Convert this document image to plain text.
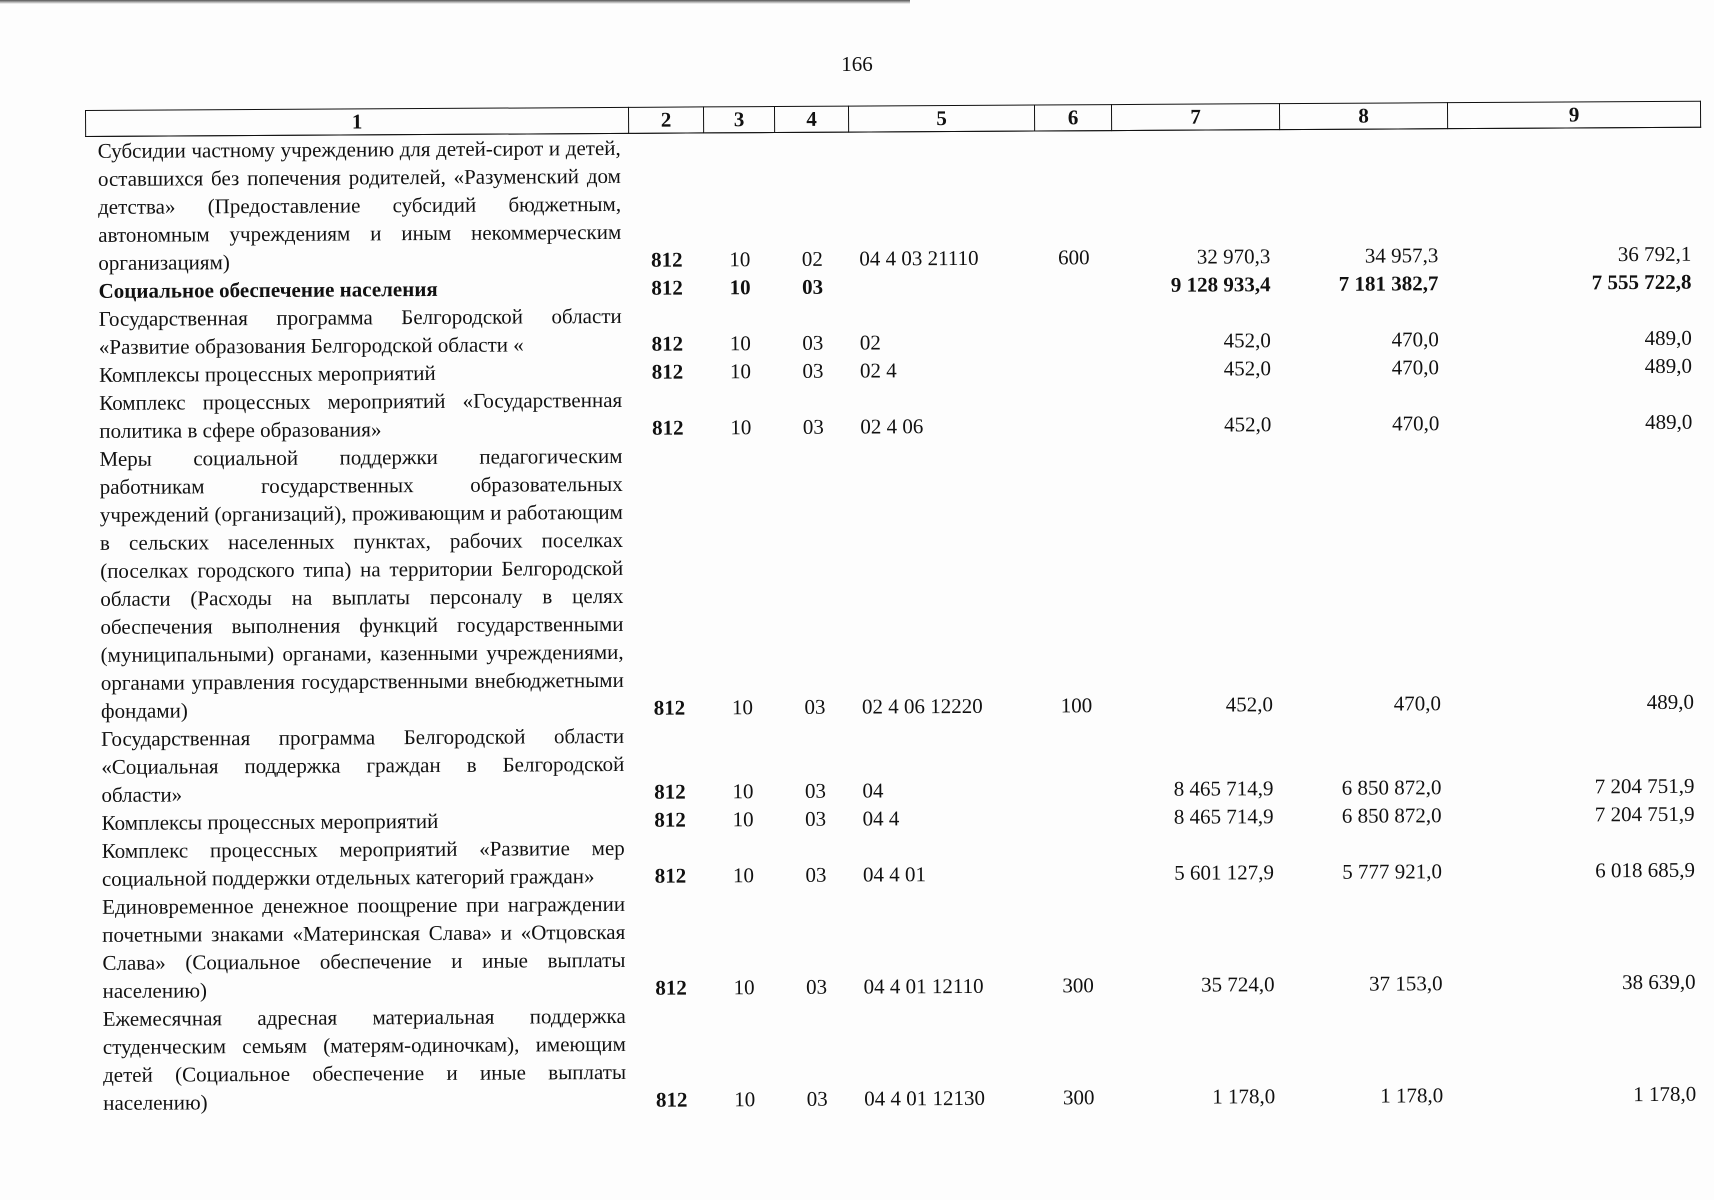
166
1	2	3	4	5	6	7	8	9
Субсидии частному учреждению для детей-сирот и детей, оставшихся без попечения родителей, «Разуменский дом детства» (Предоставление субсидий бюджетным, автономным учреждениям и иным некоммерческим организациям)	812	10	02	04 4 03 21110	600	32 970,3	34 957,3	36 792,1
Социальное обеспечение населения	812	10	03			9 128 933,4	7 181 382,7	7 555 722,8
Государственная программа Белгородской области «Развитие образования Белгородской области «	812	10	03	02		452,0	470,0	489,0
Комплексы процессных мероприятий	812	10	03	02 4		452,0	470,0	489,0
Комплекс процессных мероприятий «Государственная политика в сфере образования»	812	10	03	02 4 06		452,0	470,0	489,0
Меры социальной поддержки педагогическим работникам государственных образовательных учреждений (организаций), проживающим и работающим в сельских населенных пунктах, рабочих поселках (поселках городского типа) на территории Белгородской области (Расходы на выплаты персоналу в целях обеспечения выполнения функций государственными (муниципальными) органами, казенными учреждениями, органами управления государственными внебюджетными фондами)	812	10	03	02 4 06 12220	100	452,0	470,0	489,0
Государственная программа Белгородской области «Социальная поддержка граждан в Белгородской области»	812	10	03	04		8 465 714,9	6 850 872,0	7 204 751,9
Комплексы процессных мероприятий	812	10	03	04 4		8 465 714,9	6 850 872,0	7 204 751,9
Комплекс процессных мероприятий «Развитие мер социальной поддержки отдельных категорий граждан»	812	10	03	04 4 01		5 601 127,9	5 777 921,0	6 018 685,9
Единовременное денежное поощрение при награждении почетными знаками «Материнская Слава» и «Отцовская Слава» (Социальное обеспечение и иные выплаты населению)	812	10	03	04 4 01 12110	300	35 724,0	37 153,0	38 639,0
Ежемесячная адресная материальная поддержка студенческим семьям (матерям-одиночкам), имеющим детей (Социальное обеспечение и иные выплаты населению)	812	10	03	04 4 01 12130	300	1 178,0	1 178,0	1 178,0
